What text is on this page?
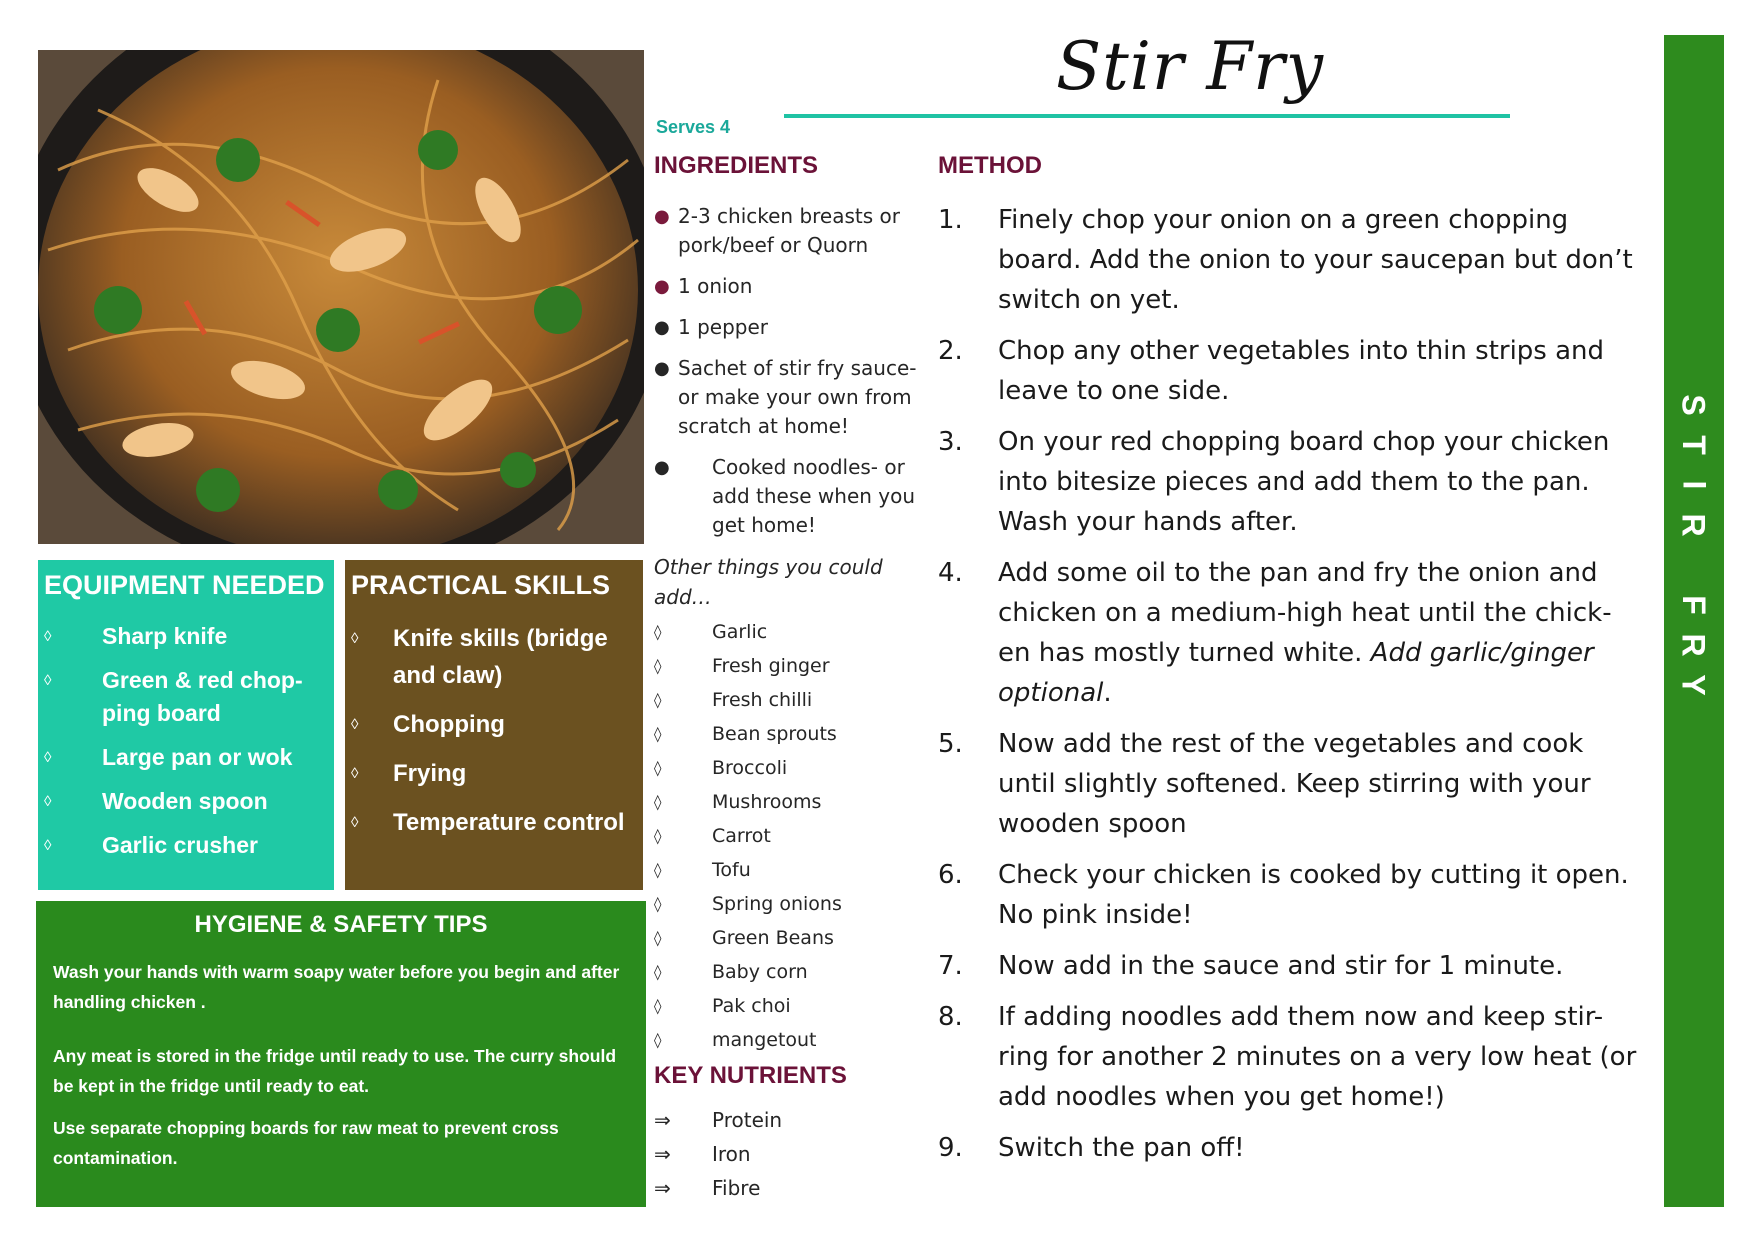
Stir Fry
Serves 4
S
T
I
R
F
R
Y
INGREDIENTS
● 2-3 chicken breasts or pork/beef or Quorn
● 1 onion
● 1 pepper
● Sachet of stir fry sauce- or make your own from scratch at home!
● Cooked noodles- or add these when you get home!
Other things you could add…
◊	Garlic
◊	Fresh ginger
◊	Fresh chilli
◊	Bean sprouts
◊	Broccoli
◊	Mushrooms
◊	Carrot
◊	Tofu
◊	Spring onions
◊	Green Beans
◊	Baby corn
◊	Pak choi
◊	mangetout
KEY NUTRIENTS
⇒ Protein
⇒ Iron
⇒ Fibre
METHOD
1. Finely chop your onion on a green chopping board. Add the onion to your saucepan but don’t switch on yet.
2. Chop any other vegetables into thin strips and leave to one side.
3. On your red chopping board chop your chicken into bitesize pieces and add them to the pan. Wash your hands after.
4. Add some oil to the pan and fry the onion and chicken on a medium-high heat until the chick-en has mostly turned white. Add garlic/ginger optional.
5. Now add the rest of the vegetables and cook until slightly softened. Keep stirring with your wooden spoon
6. Check your chicken is cooked by cutting it open. No pink inside!
7. Now add in the sauce and stir for 1 minute.
8. If adding noodles add them now and keep stir-ring for another 2 minutes on a very low heat (or add noodles when you get home!)
9. Switch the pan off!
EQUIPMENT NEEDED
◊ Sharp knife
◊ Green & red chop-ping board
◊ Large pan or wok
◊ Wooden spoon
◊ Garlic crusher
PRACTICAL SKILLS
◊ Knife skills (bridge and claw)
◊ Chopping
◊ Frying
◊ Temperature control
HYGIENE & SAFETY TIPS

Wash your hands with warm soapy water before you begin and after handling chicken .

Any meat is stored in the fridge until ready to use. The curry should be kept in the fridge until ready to eat.

Use separate chopping boards for raw meat to prevent cross contamination.
